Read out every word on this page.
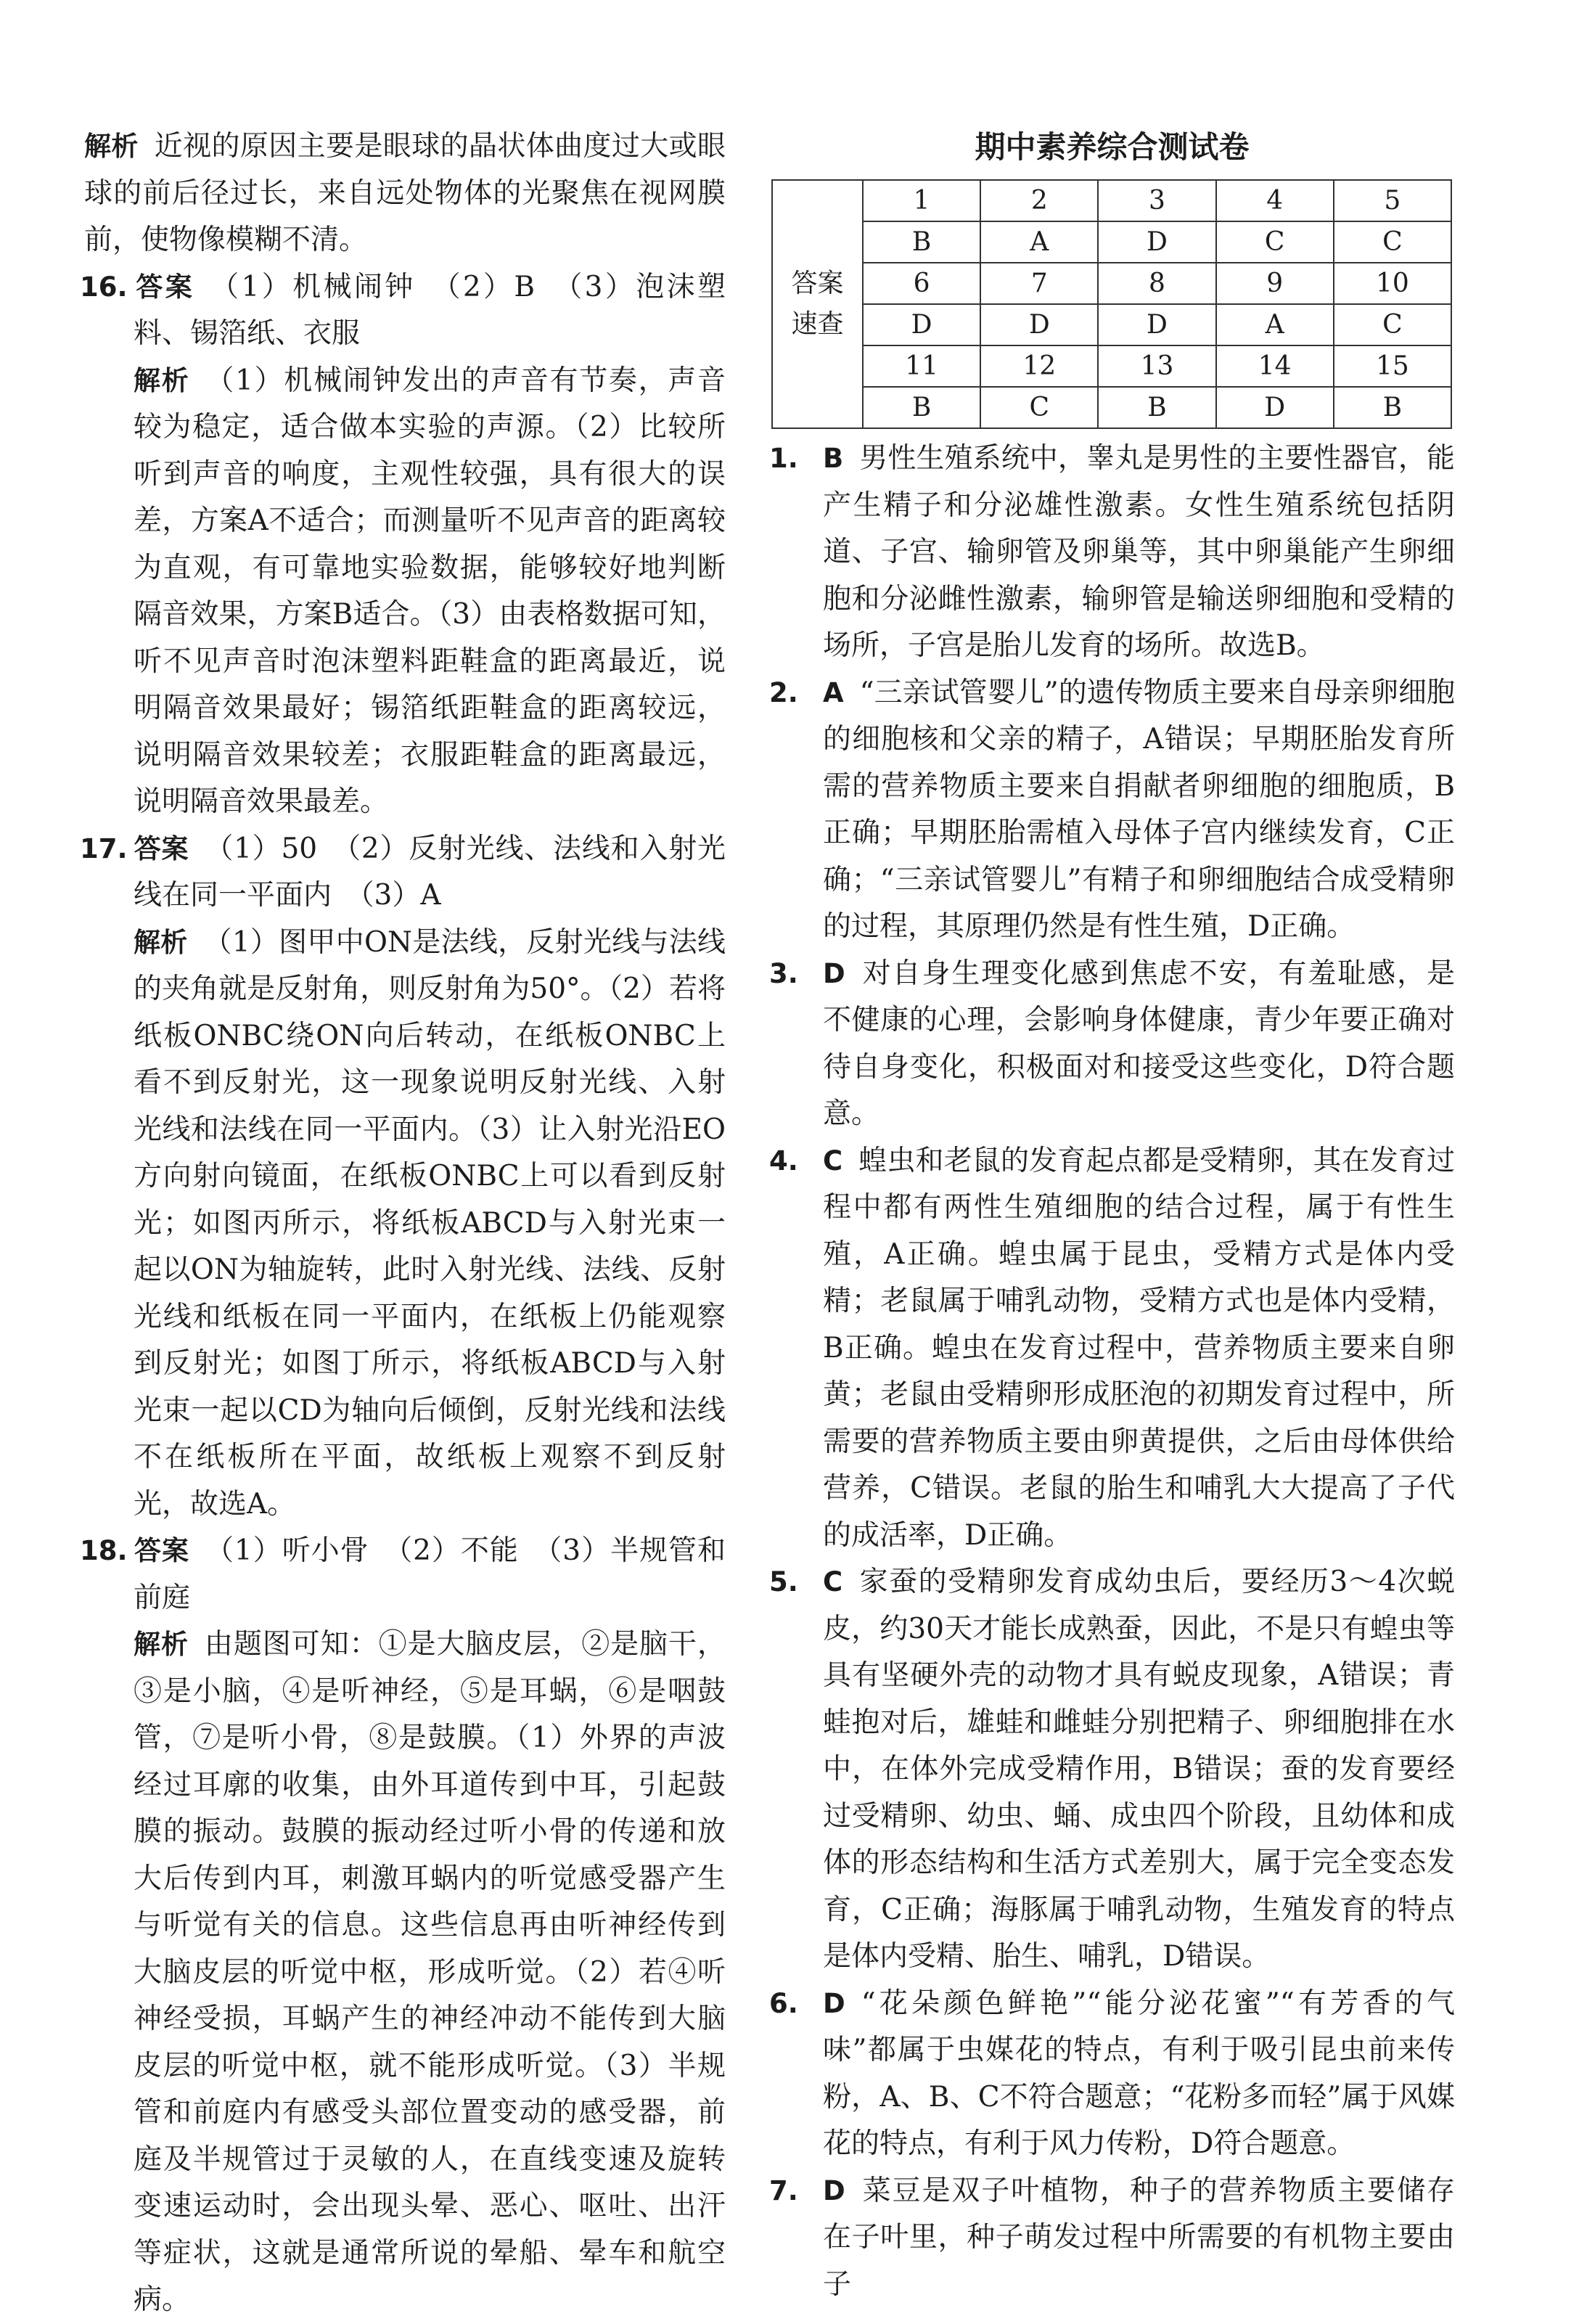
解析 近视的原因主要是眼球的晶状体曲度过大或眼球的前后径过长，来自远处物体的光聚焦在视网膜前，使物像模糊不清。

16. 答案 （1）机械闹钟　（2）B　（3）泡沫塑料、锡箔纸、衣服

解析 （1）机械闹钟发出的声音有节奏，声音较为稳定，适合做本实验的声源。（2）比较所听到声音的响度，主观性较强，具有很大的误差，方案A不适合；而测量听不见声音的距离较为直观，有可靠地实验数据，能够较好地判断隔音效果，方案B适合。（3）由表格数据可知，听不见声音时泡沫塑料距鞋盒的距离最近，说明隔音效果最好；锡箔纸距鞋盒的距离较远，说明隔音效果较差；衣服距鞋盒的距离最远，说明隔音效果最差。

17. 答案 （1）50　（2）反射光线、法线和入射光线在同一平面内　（3）A

解析 （1）图甲中ON是法线，反射光线与法线的夹角就是反射角，则反射角为50°。（2）若将纸板ONBC绕ON向后转动，在纸板ONBC上看不到反射光，这一现象说明反射光线、入射光线和法线在同一平面内。（3）让入射光沿EO方向射向镜面，在纸板ONBC上可以看到反射光；如图丙所示，将纸板ABCD与入射光束一起以ON为轴旋转，此时入射光线、法线、反射光线和纸板在同一平面内，在纸板上仍能观察到反射光；如图丁所示，将纸板ABCD与入射光束一起以CD为轴向后倾倒，反射光线和法线不在纸板所在平面，故纸板上观察不到反射光，故选A。

18. 答案 （1）听小骨　（2）不能　（3）半规管和前庭

解析 由题图可知：①是大脑皮层，②是脑干，③是小脑，④是听神经，⑤是耳蜗，⑥是咽鼓管，⑦是听小骨，⑧是鼓膜。（1）外界的声波经过耳廓的收集，由外耳道传到中耳，引起鼓膜的振动。鼓膜的振动经过听小骨的传递和放大后传到内耳，刺激耳蜗内的听觉感受器产生与听觉有关的信息。这些信息再由听神经传到大脑皮层的听觉中枢，形成听觉。（2）若④听神经受损，耳蜗产生的神经冲动不能传到大脑皮层的听觉中枢，就不能形成听觉。（3）半规管和前庭内有感受头部位置变动的感受器，前庭及半规管过于灵敏的人，在直线变速及旋转变速运动时，会出现头晕、恶心、呕吐、出汗等症状，这就是通常所说的晕船、晕车和航空病。

期中素养综合测试卷
答案
速查	1	2	3	4	5
	B	A	D	C	C
	6	7	8	9	10
	D	D	D	A	C
	11	12	13	14	15
	B	C	B	D	B

1. B 男性生殖系统中，睾丸是男性的主要性器官，能产生精子和分泌雄性激素。女性生殖系统包括阴道、子宫、输卵管及卵巢等，其中卵巢能产生卵细胞和分泌雌性激素，输卵管是输送卵细胞和受精的场所，子宫是胎儿发育的场所。故选B。

2. A “三亲试管婴儿”的遗传物质主要来自母亲卵细胞的细胞核和父亲的精子，A错误；早期胚胎发育所需的营养物质主要来自捐献者卵细胞的细胞质，B正确；早期胚胎需植入母体子宫内继续发育，C正确；“三亲试管婴儿”有精子和卵细胞结合成受精卵的过程，其原理仍然是有性生殖，D正确。

3. D 对自身生理变化感到焦虑不安，有羞耻感，是不健康的心理，会影响身体健康，青少年要正确对待自身变化，积极面对和接受这些变化，D符合题意。

4. C 蝗虫和老鼠的发育起点都是受精卵，其在发育过程中都有两性生殖细胞的结合过程，属于有性生殖，A正确。蝗虫属于昆虫，受精方式是体内受精；老鼠属于哺乳动物，受精方式也是体内受精，B正确。蝗虫在发育过程中，营养物质主要来自卵黄；老鼠由受精卵形成胚泡的初期发育过程中，所需要的营养物质主要由卵黄提供，之后由母体供给营养，C错误。老鼠的胎生和哺乳大大提高了子代的成活率，D正确。

5. C 家蚕的受精卵发育成幼虫后，要经历3～4次蜕皮，约30天才能长成熟蚕，因此，不是只有蝗虫等具有坚硬外壳的动物才具有蜕皮现象，A错误；青蛙抱对后，雄蛙和雌蛙分别把精子、卵细胞排在水中，在体外完成受精作用，B错误；蚕的发育要经过受精卵、幼虫、蛹、成虫四个阶段，且幼体和成体的形态结构和生活方式差别大，属于完全变态发育，C正确；海豚属于哺乳动物，生殖发育的特点是体内受精、胎生、哺乳，D错误。

6. D “花朵颜色鲜艳”“能分泌花蜜”“有芳香的气味”都属于虫媒花的特点，有利于吸引昆虫前来传粉，A、B、C不符合题意；“花粉多而轻”属于风媒花的特点，有利于风力传粉，D符合题意。

7. D 菜豆是双子叶植物，种子的营养物质主要储存在子叶里，种子萌发过程中所需要的有机物主要由子
